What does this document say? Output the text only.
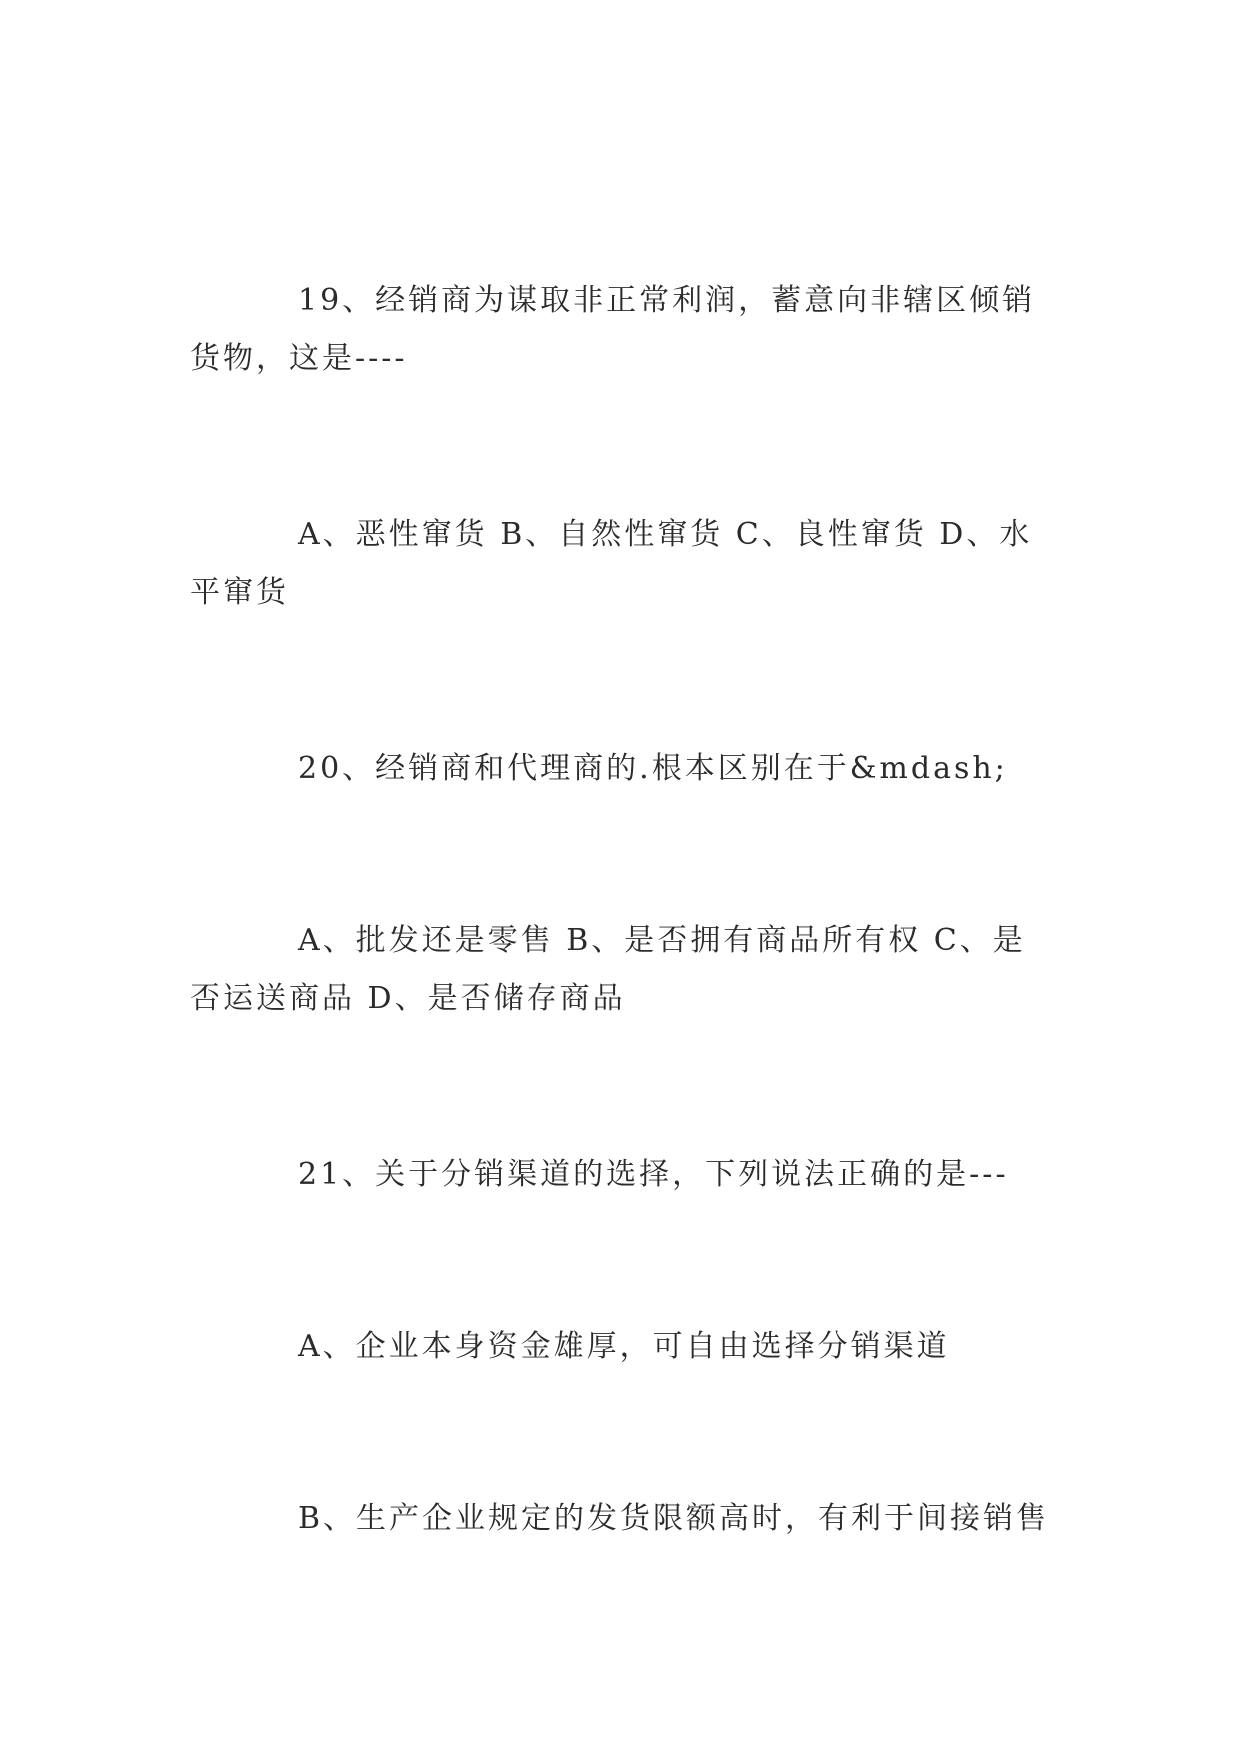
19、经销商为谋取非正常利润，蓄意向非辖区倾销货物，这是----

A、恶性窜货 B、自然性窜货 C、良性窜货 D、水平窜货

20、经销商和代理商的.根本区别在于&mdash;

A、批发还是零售 B、是否拥有商品所有权 C、是否运送商品 D、是否储存商品

21、关于分销渠道的选择，下列说法正确的是---

A、企业本身资金雄厚，可自由选择分销渠道

B、生产企业规定的发货限额高时，有利于间接销售
